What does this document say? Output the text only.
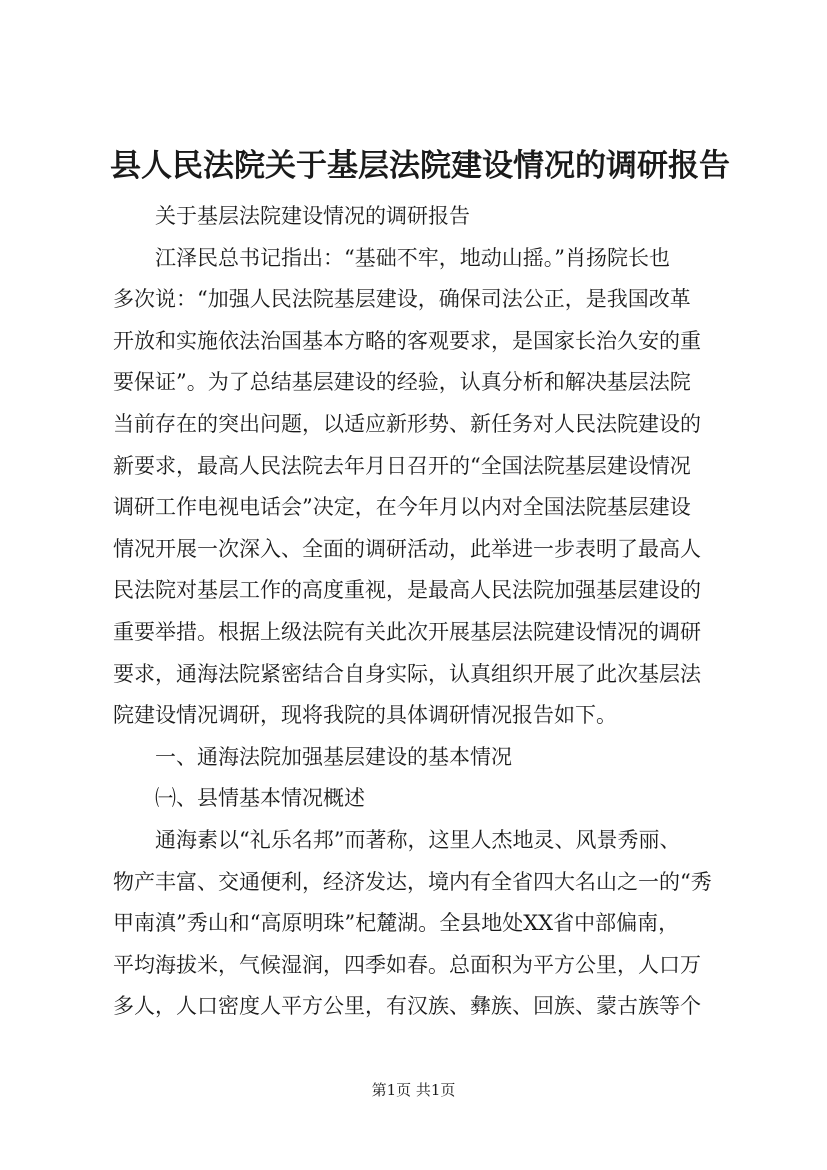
县人民法院关于基层法院建设情况的调研报告

关于基层法院建设情况的调研报告

江泽民总书记指出：“基础不牢，地动山摇。”肖扬院长也
多次说：“加强人民法院基层建设，确保司法公正，是我国改革
开放和实施依法治国基本方略的客观要求，是国家长治久安的重
要保证”。为了总结基层建设的经验，认真分析和解决基层法院
当前存在的突出问题，以适应新形势、新任务对人民法院建设的
新要求，最高人民法院去年月日召开的“全国法院基层建设情况
调研工作电视电话会”决定，在今年月以内对全国法院基层建设
情况开展一次深入、全面的调研活动，此举进一步表明了最高人
民法院对基层工作的高度重视，是最高人民法院加强基层建设的
重要举措。根据上级法院有关此次开展基层法院建设情况的调研
要求，通海法院紧密结合自身实际，认真组织开展了此次基层法
院建设情况调研，现将我院的具体调研情况报告如下。

一、通海法院加强基层建设的基本情况

㈠、县情基本情况概述

通海素以“礼乐名邦”而著称，这里人杰地灵、风景秀丽、
物产丰富、交通便利，经济发达，境内有全省四大名山之一的“秀
甲南滇”秀山和“高原明珠”杞麓湖。全县地处XX省中部偏南，
平均海拔米，气候湿润，四季如春。总面积为平方公里，人口万
多人，人口密度人平方公里，有汉族、彝族、回族、蒙古族等个

第1页 共1页
